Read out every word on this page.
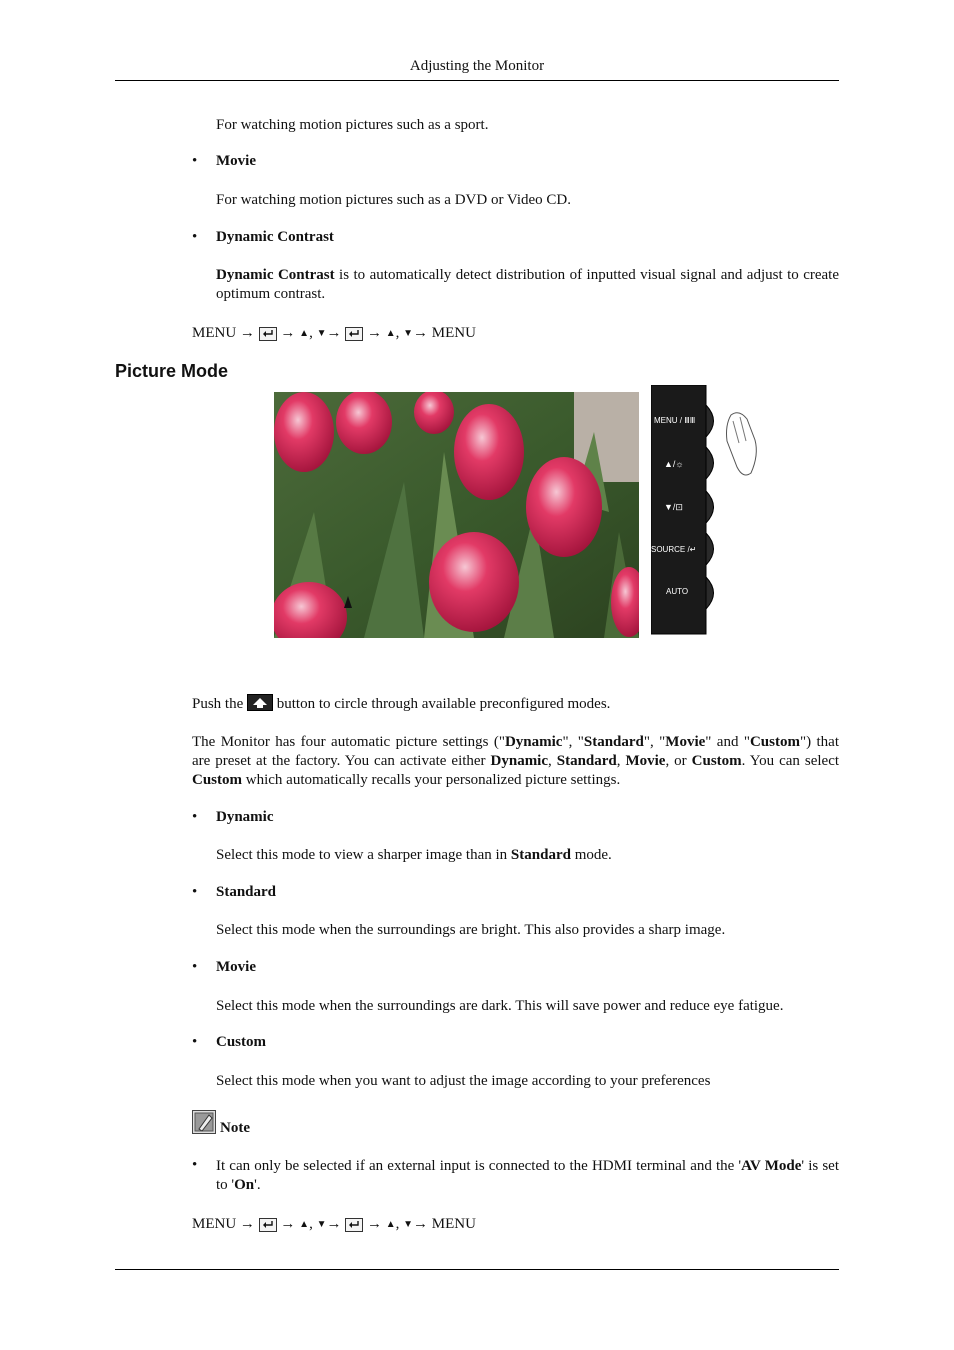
Adjusting the Monitor
For watching motion pictures such as a sport.
• Movie
For watching motion pictures such as a DVD or Video CD.
• Dynamic Contrast
Dynamic Contrast is to automatically detect distribution of inputted visual signal and adjust to create optimum contrast.
MENU → → ▲, ▼→ → ▲, ▼→ MENU
Picture Mode
MENU / ⅢⅢ
▲/☼
▼/⊡
SOURCE /↵
AUTO
Push the
button to circle through available preconfigured modes.
The Monitor has four automatic picture settings ("Dynamic", "Standard", "Movie" and "Custom") that are preset at the factory. You can activate either Dynamic, Standard, Movie, or Custom. You can select Custom which automatically recalls your personalized picture settings.
• Dynamic
Select this mode to view a sharper image than in Standard mode.
• Standard
Select this mode when the surroundings are bright. This also provides a sharp image.
• Movie
Select this mode when the surroundings are dark. This will save power and reduce eye fatigue.
• Custom
Select this mode when you want to adjust the image according to your preferences
Note
• It can only be selected if an external input is connected to the HDMI terminal and the 'AV Mode' is set to 'On'.
MENU → → ▲, ▼→ → ▲, ▼→ MENU
